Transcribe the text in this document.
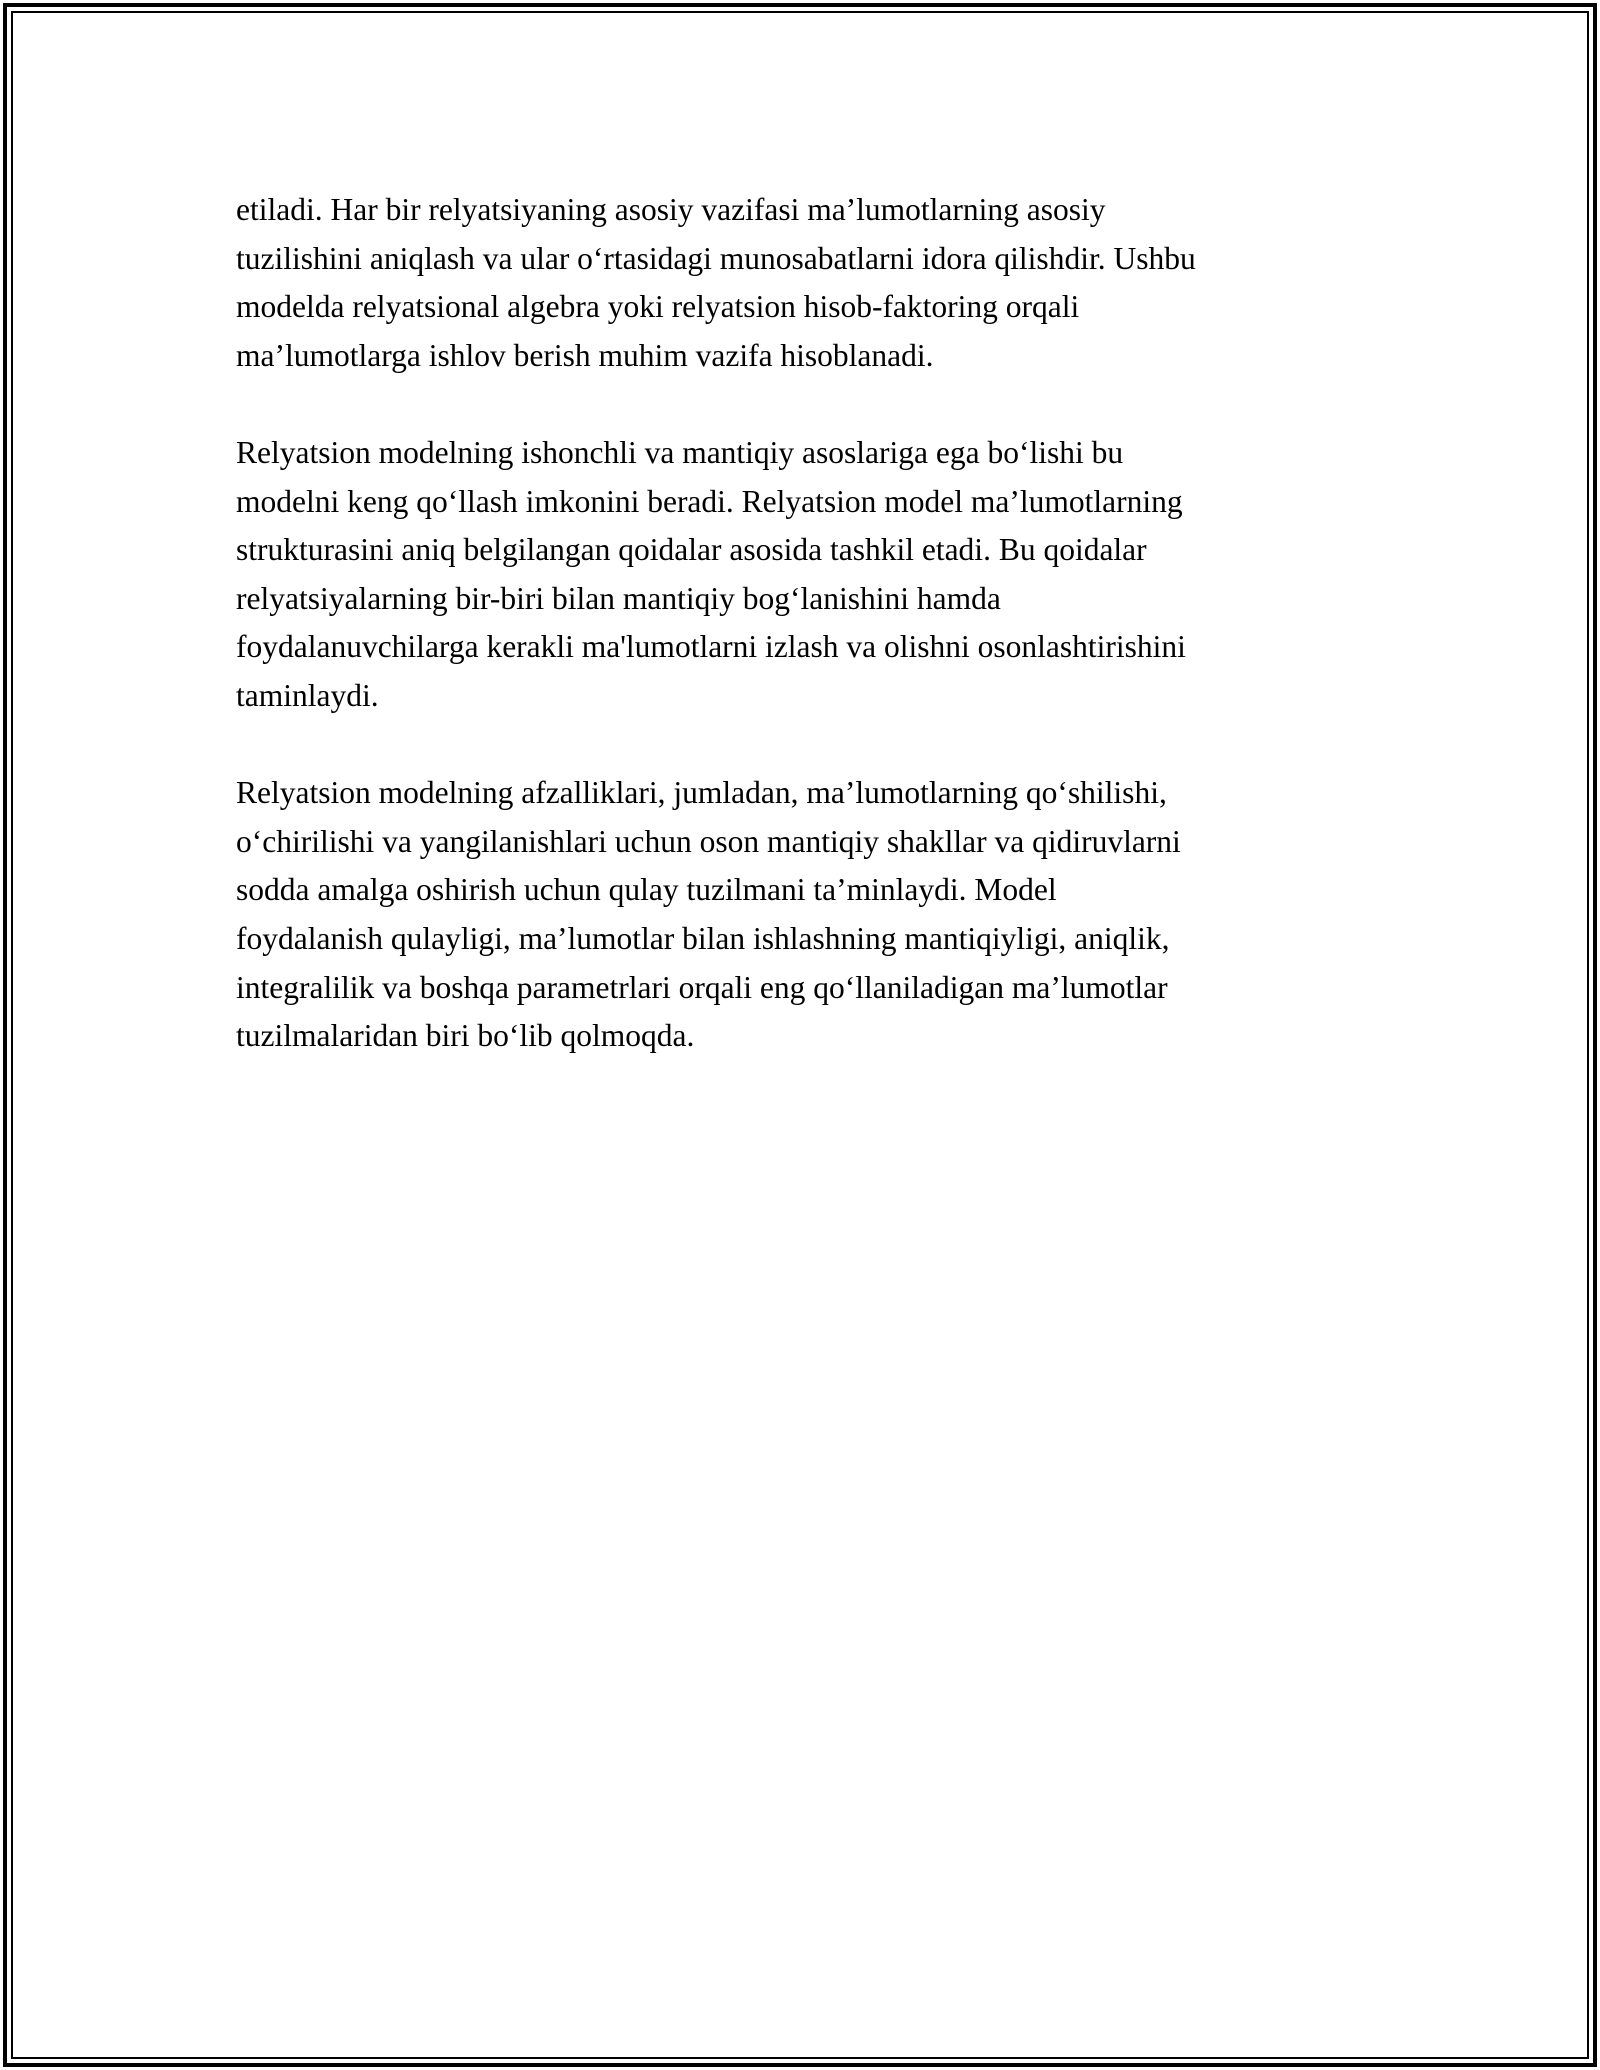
etiladi. Har bir relyatsiyaning asosiy vazifasi ma’lumotlarning asosiy
tuzilishini aniqlash va ular o‘rtasidagi munosabatlarni idora qilishdir. Ushbu
modelda relyatsional algebra yoki relyatsion hisob-faktoring orqali
ma’lumotlarga ishlov berish muhim vazifa hisoblanadi.

Relyatsion modelning ishonchli va mantiqiy asoslariga ega bo‘lishi bu
modelni keng qo‘llash imkonini beradi. Relyatsion model ma’lumotlarning
strukturasini aniq belgilangan qoidalar asosida tashkil etadi. Bu qoidalar
relyatsiyalarning bir-biri bilan mantiqiy bog‘lanishini hamda
foydalanuvchilarga kerakli ma'lumotlarni izlash va olishni osonlashtirishini
taminlaydi.

Relyatsion modelning afzalliklari, jumladan, ma’lumotlarning qo‘shilishi,
o‘chirilishi va yangilanishlari uchun oson mantiqiy shakllar va qidiruvlarni
sodda amalga oshirish uchun qulay tuzilmani ta’minlaydi. Model
foydalanish qulayligi, ma’lumotlar bilan ishlashning mantiqiyligi, aniqlik,
integralilik va boshqa parametrlari orqali eng qo‘llaniladigan ma’lumotlar
tuzilmalaridan biri bo‘lib qolmoqda.
